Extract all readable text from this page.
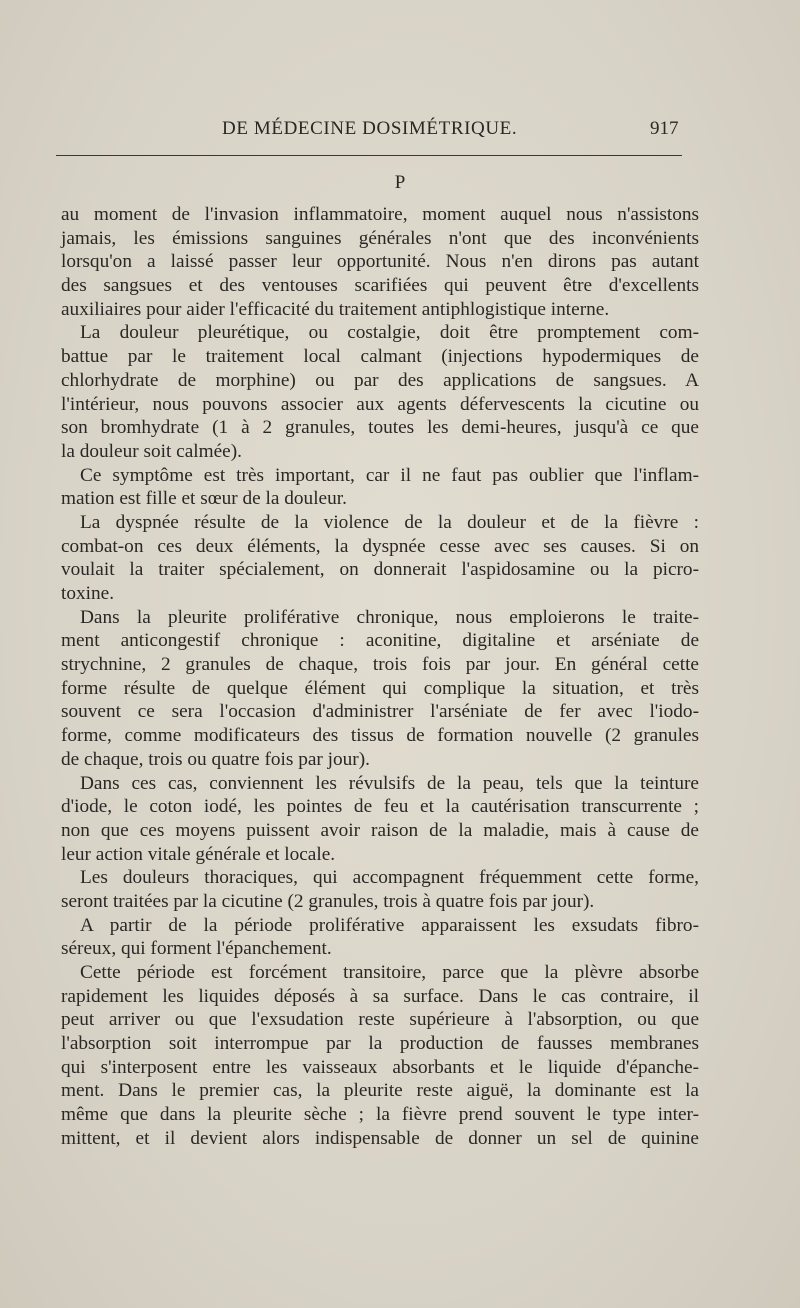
DE MÉDECINE DOSIMÉTRIQUE.	917
P
au moment de l'invasion inflammatoire, moment auquel nous n'assistons
jamais, les émissions sanguines générales n'ont que des inconvénients
lorsqu'on a laissé passer leur opportunité. Nous n'en dirons pas autant
des sangsues et des ventouses scarifiées qui peuvent être d'excellents
auxiliaires pour aider l'efficacité du traitement antiphlogistique interne.
La douleur pleurétique, ou costalgie, doit être promptement com-
battue par le traitement local calmant (injections hypodermiques de
chlorhydrate de morphine) ou par des applications de sangsues. A
l'intérieur, nous pouvons associer aux agents défervescents la cicutine ou
son bromhydrate (1 à 2 granules, toutes les demi-heures, jusqu'à ce que
la douleur soit calmée).
Ce symptôme est très important, car il ne faut pas oublier que l'inflam-
mation est fille et sœur de la douleur.
La dyspnée résulte de la violence de la douleur et de la fièvre :
combat-on ces deux éléments, la dyspnée cesse avec ses causes. Si on
voulait la traiter spécialement, on donnerait l'aspidosamine ou la picro-
toxine.
Dans la pleurite proliférative chronique, nous emploierons le traite-
ment anticongestif chronique : aconitine, digitaline et arséniate de
strychnine, 2 granules de chaque, trois fois par jour. En général cette
forme résulte de quelque élément qui complique la situation, et très
souvent ce sera l'occasion d'administrer l'arséniate de fer avec l'iodo-
forme, comme modificateurs des tissus de formation nouvelle (2 granules
de chaque, trois ou quatre fois par jour).
Dans ces cas, conviennent les révulsifs de la peau, tels que la teinture
d'iode, le coton iodé, les pointes de feu et la cautérisation transcurrente ;
non que ces moyens puissent avoir raison de la maladie, mais à cause de
leur action vitale générale et locale.
Les douleurs thoraciques, qui accompagnent fréquemment cette forme,
seront traitées par la cicutine (2 granules, trois à quatre fois par jour).
A partir de la période proliférative apparaissent les exsudats fibro-
séreux, qui forment l'épanchement.
Cette période est forcément transitoire, parce que la plèvre absorbe
rapidement les liquides déposés à sa surface. Dans le cas contraire, il
peut arriver ou que l'exsudation reste supérieure à l'absorption, ou que
l'absorption soit interrompue par la production de fausses membranes
qui s'interposent entre les vaisseaux absorbants et le liquide d'épanche-
ment. Dans le premier cas, la pleurite reste aiguë, la dominante est la
même que dans la pleurite sèche ; la fièvre prend souvent le type inter-
mittent, et il devient alors indispensable de donner un sel de quinine
